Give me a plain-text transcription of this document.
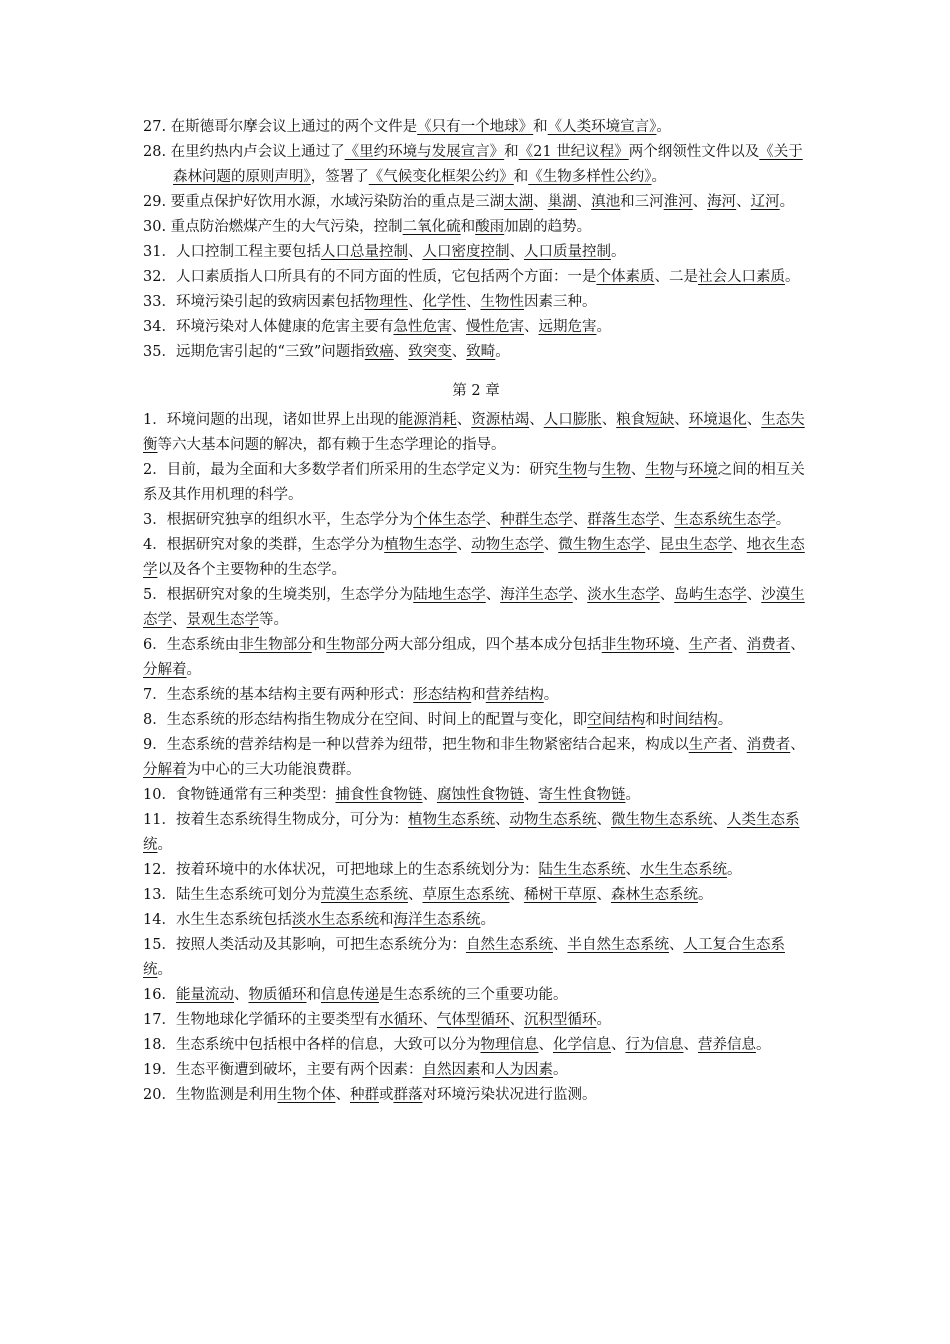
27. 在斯德哥尔摩会议上通过的两个文件是《只有一个地球》和《人类环境宣言》。

28. 在里约热内卢会议上通过了《里约环境与发展宣言》和《21 世纪议程》两个纲领性文件以及《关于森林问题的原则声明》，签署了《气候变化框架公约》和《生物多样性公约》。

29. 要重点保护好饮用水源，水域污染防治的重点是三湖太湖、巢湖、滇池和三河淮河、海河、辽河。

30. 重点防治燃煤产生的大气污染，控制二氧化硫和酸雨加剧的趋势。

31．人口控制工程主要包括人口总量控制、人口密度控制、人口质量控制。

32．人口素质指人口所具有的不同方面的性质，它包括两个方面：一是个体素质、二是社会人口素质。

33．环境污染引起的致病因素包括物理性、化学性、生物性因素三种。

34．环境污染对人体健康的危害主要有急性危害、慢性危害、远期危害。

35．远期危害引起的“三致”问题指致癌、致突变、致畸。

第 2 章

1．环境问题的出现，诸如世界上出现的能源消耗、资源枯竭、人口膨胀、粮食短缺、环境退化、生态失衡等六大基本问题的解决，都有赖于生态学理论的指导。

2．目前，最为全面和大多数学者们所采用的生态学定义为：研究生物与生物、生物与环境之间的相互关系及其作用机理的科学。

3．根据研究独享的组织水平，生态学分为个体生态学、种群生态学、群落生态学、生态系统生态学。

4．根据研究对象的类群，生态学分为植物生态学、动物生态学、微生物生态学、昆虫生态学、地衣生态学以及各个主要物种的生态学。

5．根据研究对象的生境类别，生态学分为陆地生态学、海洋生态学、淡水生态学、岛屿生态学、沙漠生态学、景观生态学等。

6．生态系统由非生物部分和生物部分两大部分组成，四个基本成分包括非生物环境、生产者、消费者、分解着。

7．生态系统的基本结构主要有两种形式：形态结构和营养结构。

8．生态系统的形态结构指生物成分在空间、时间上的配置与变化，即空间结构和时间结构。

9．生态系统的营养结构是一种以营养为纽带，把生物和非生物紧密结合起来，构成以生产者、消费者、分解着为中心的三大功能浪费群。

10．食物链通常有三种类型：捕食性食物链、腐蚀性食物链、寄生性食物链。

11．按着生态系统得生物成分，可分为：植物生态系统、动物生态系统、微生物生态系统、人类生态系统。

12．按着环境中的水体状况，可把地球上的生态系统划分为：陆生生态系统、水生生态系统。

13．陆生生态系统可划分为荒漠生态系统、草原生态系统、稀树干草原、森林生态系统。

14．水生生态系统包括淡水生态系统和海洋生态系统。

15．按照人类活动及其影响，可把生态系统分为：自然生态系统、半自然生态系统、人工复合生态系统。

16．能量流动、物质循环和信息传递是生态系统的三个重要功能。

17．生物地球化学循环的主要类型有水循环、气体型循环、沉积型循环。

18．生态系统中包括根中各样的信息，大致可以分为物理信息、化学信息、行为信息、营养信息。

19．生态平衡遭到破坏，主要有两个因素：自然因素和人为因素。

20．生物监测是利用生物个体、种群或群落对环境污染状况进行监测。
